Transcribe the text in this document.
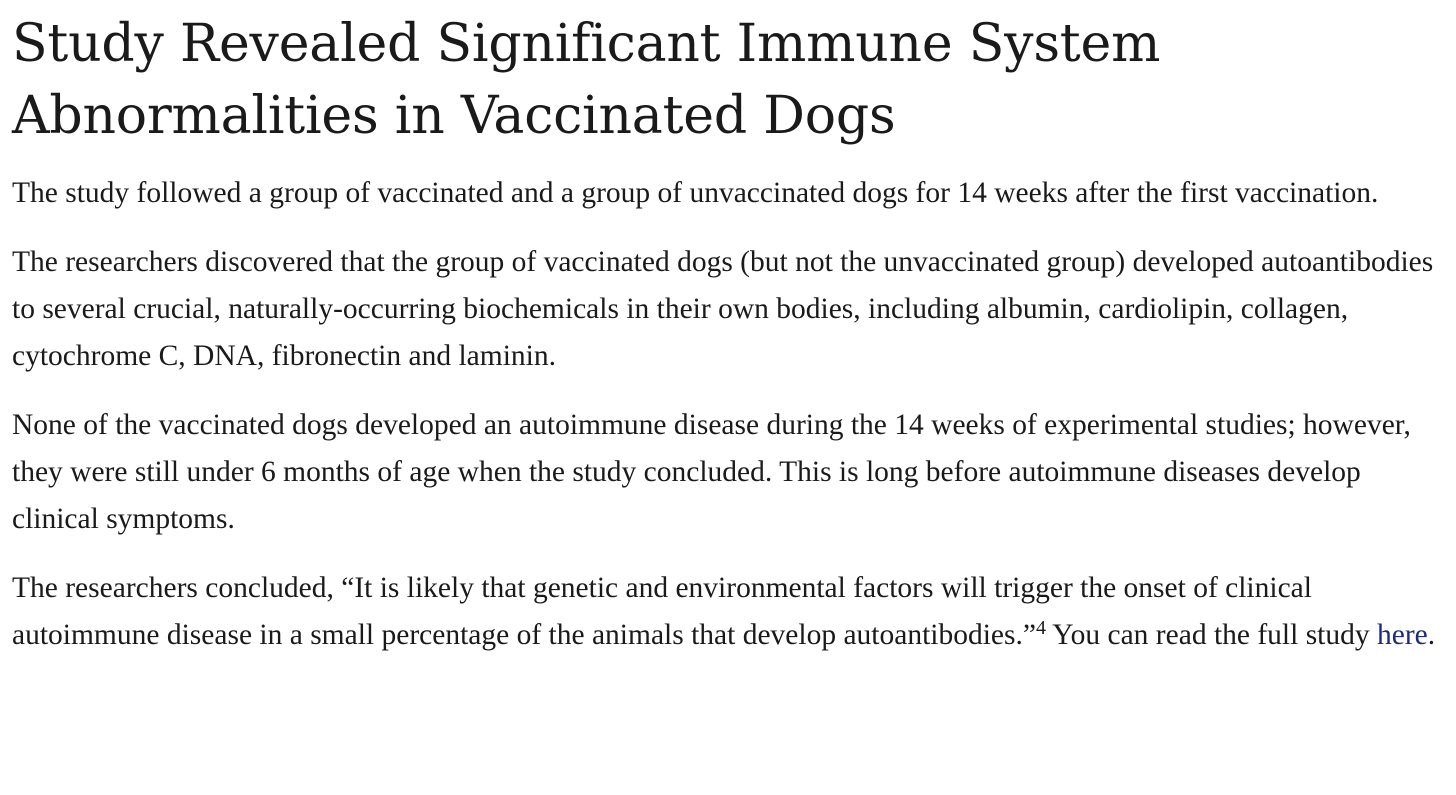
Study Revealed Significant Immune System
Abnormalities in Vaccinated Dogs

The study followed a group of vaccinated and a group of unvaccinated dogs for 14 weeks after the first vaccination.

The researchers discovered that the group of vaccinated dogs (but not the unvaccinated group) developed autoantibodies to several crucial, naturally-occurring biochemicals in their own bodies, including albumin, cardiolipin, collagen, cytochrome C, DNA, fibronectin and laminin.

None of the vaccinated dogs developed an autoimmune disease during the 14 weeks of experimental studies; however, they were still under 6 months of age when the study concluded. This is long before autoimmune diseases develop clinical symptoms.

The researchers concluded, “It is likely that genetic and environmental factors will trigger the onset of clinical autoimmune disease in a small percentage of the animals that develop autoantibodies.”$^4$ You can read the full study here.
